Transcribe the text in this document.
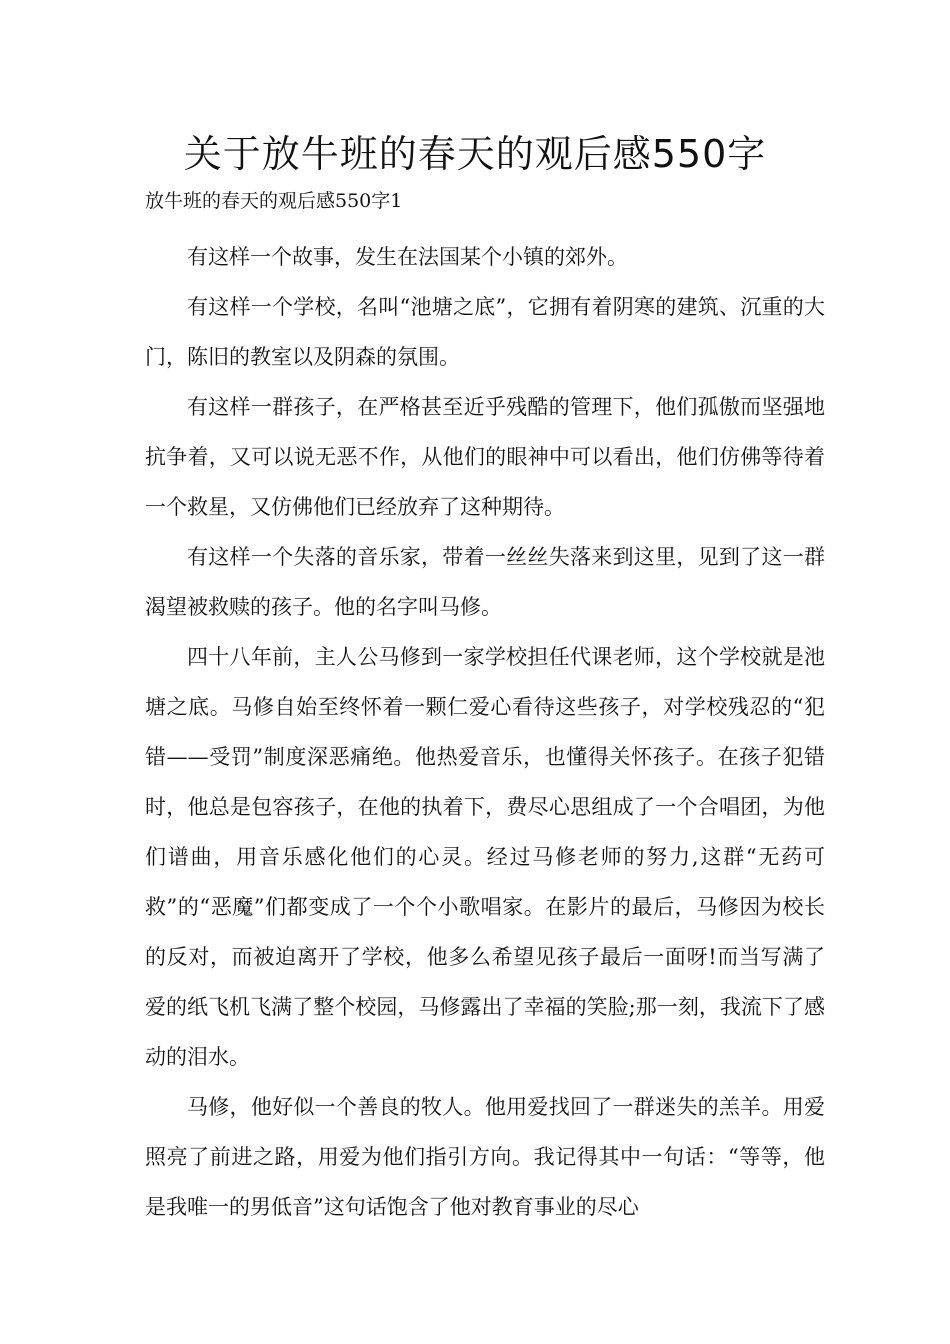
关于放牛班的春天的观后感550字

放牛班的春天的观后感550字1

有这样一个故事，发生在法国某个小镇的郊外。

有这样一个学校，名叫“池塘之底”，它拥有着阴寒的建筑、沉重的大门，陈旧的教室以及阴森的氛围。

有这样一群孩子，在严格甚至近乎残酷的管理下，他们孤傲而坚强地抗争着，又可以说无恶不作，从他们的眼神中可以看出，他们仿佛等待着一个救星，又仿佛他们已经放弃了这种期待。

有这样一个失落的音乐家，带着一丝丝失落来到这里，见到了这一群渴望被救赎的孩子。他的名字叫马修。

四十八年前，主人公马修到一家学校担任代课老师，这个学校就是池塘之底。马修自始至终怀着一颗仁爱心看待这些孩子，对学校残忍的“犯错——受罚”制度深恶痛绝。他热爱音乐，也懂得关怀孩子。在孩子犯错时，他总是包容孩子，在他的执着下，费尽心思组成了一个合唱团，为他们谱曲，用音乐感化他们的心灵。经过马修老师的努力,这群“无药可救”的“恶魔”们都变成了一个个小歌唱家。在影片的最后，马修因为校长的反对，而被迫离开了学校，他多么希望见孩子最后一面呀!而当写满了爱的纸飞机飞满了整个校园，马修露出了幸福的笑脸;那一刻，我流下了感动的泪水。

马修，他好似一个善良的牧人。他用爱找回了一群迷失的羔羊。用爱照亮了前进之路，用爱为他们指引方向。我记得其中一句话：“等等，他是我唯一的男低音”这句话饱含了他对教育事业的尽心
